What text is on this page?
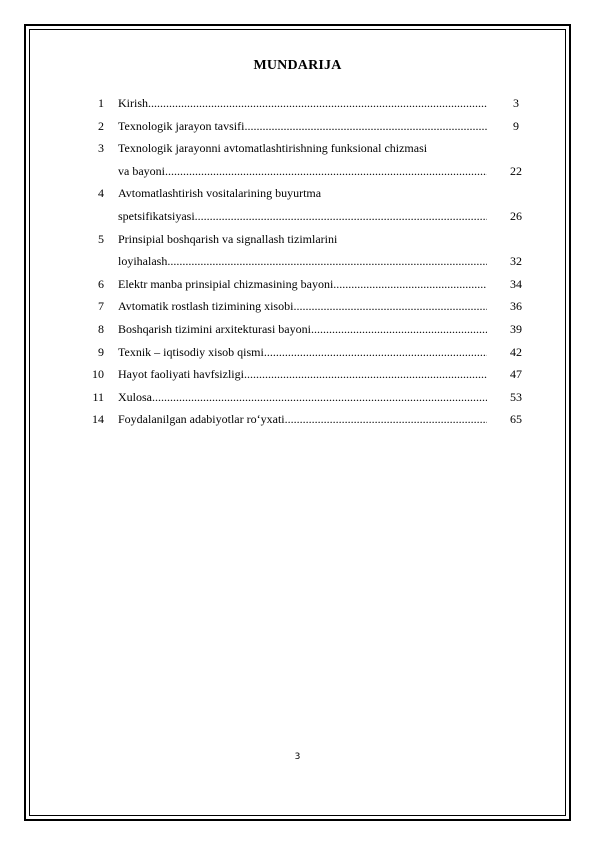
MUNDARIJA
1 Kirish .....	3
2 Texnologik jarayon tavsifi .....	9
3 Texnologik jarayonni avtomatlashtirishning funksional chizmasi
va bayoni .....	22
4 Avtomatlashtirish vositalarining buyurtma
spetsifikatsiyasi .....	26
5 Prinsipial boshqarish va signallash tizimlarini
loyihalash .....	32
6 Elektr manba prinsipial chizmasining bayoni .....	34
7 Avtomatik rostlash tizimining xisobi .....	36
8 Boshqarish tizimini arxitekturasi bayoni .....	39
9 Texnik – iqtisodiy xisob qismi .....	42
10 Hayot faoliyati havfsizligi .....	47
11 Xulosa .....	53
14 Foydalanilgan adabiyotlar ro‘yxati .....	65
3
